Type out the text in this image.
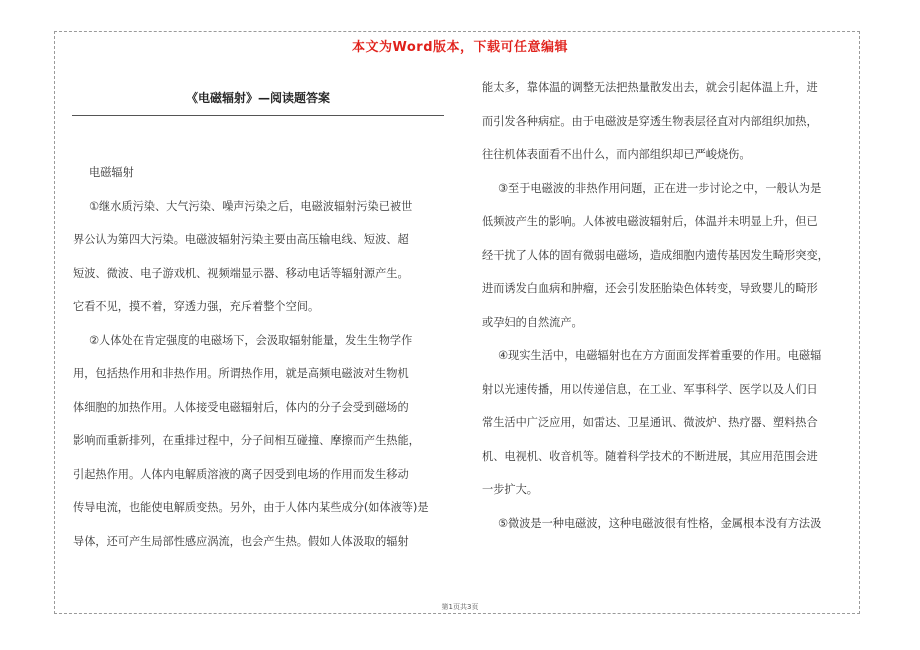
本文为Word版本，下载可任意编辑
《电磁辐射》—阅读题答案
电磁辐射
①继水质污染、大气污染、噪声污染之后，电磁波辐射污染已被世
界公认为第四大污染。电磁波辐射污染主要由高压输电线、短波、超
短波、微波、电子游戏机、视频端显示器、移动电话等辐射源产生。
它看不见，摸不着，穿透力强，充斥着整个空间。
②人体处在肯定强度的电磁场下，会汲取辐射能量，发生生物学作
用，包括热作用和非热作用。所谓热作用，就是高频电磁波对生物机
体细胞的加热作用。人体接受电磁辐射后，体内的分子会受到磁场的
影响而重新排列，在重排过程中，分子间相互碰撞、摩擦而产生热能，
引起热作用。人体内电解质溶液的离子因受到电场的作用而发生移动
传导电流，也能使电解质变热。另外，由于人体内某些成分(如体液等)是
导体，还可产生局部性感应涡流，也会产生热。假如人体汲取的辐射
能太多，靠体温的调整无法把热量散发出去，就会引起体温上升，进
而引发各种病症。由于电磁波是穿透生物表层径直对内部组织加热，
往往机体表面看不出什么，而内部组织却已严峻烧伤。
③至于电磁波的非热作用问题，正在进一步讨论之中，一般认为是
低频波产生的影响。人体被电磁波辐射后，体温并未明显上升，但已
经干扰了人体的固有微弱电磁场，造成细胞内遗传基因发生畸形突变，
进而诱发白血病和肿瘤，还会引发胚胎染色体转变，导致婴儿的畸形
或孕妇的自然流产。
④现实生活中，电磁辐射也在方方面面发挥着重要的作用。电磁辐
射以光速传播，用以传递信息，在工业、军事科学、医学以及人们日
常生活中广泛应用，如雷达、卫星通讯、微波炉、热疗器、塑料热合
机、电视机、收音机等。随着科学技术的不断进展，其应用范围会进
一步扩大。
⑤微波是一种电磁波，这种电磁波很有性格，金属根本没有方法汲
第1页共3页
